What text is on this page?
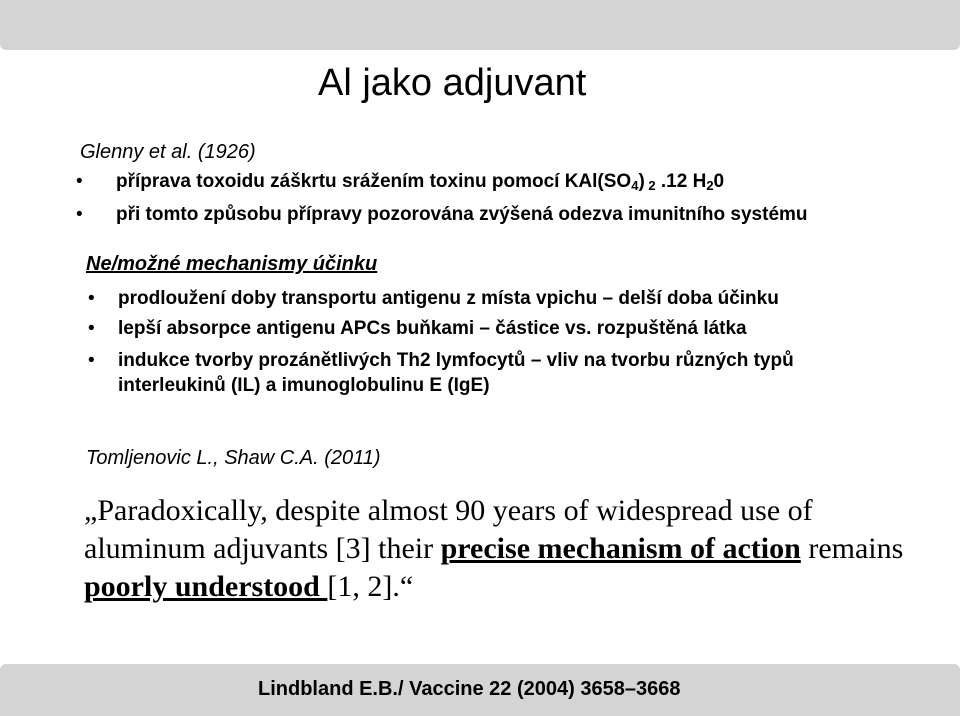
Al jako adjuvant
Glenny et al. (1926)
• příprava toxoidu záškrtu srážením toxinu pomocí $KAl(SO_4)$ $_2$ .12 $H_20$
• při tomto způsobu přípravy pozorována zvýšená odezva imunitního systému
Ne/možné mechanismy účinku
• prodloužení doby transportu antigenu z místa vpichu – delší doba účinku
• lepší absorpce antigenu APCs buňkami – částice vs. rozpuštěná látka
• indukce tvorby prozánětlivých Th2 lymfocytů – vliv na tvorbu různých typů
interleukinů (IL) a imunoglobulinu E (IgE)
Tomljenovic L., Shaw C.A. (2011)
„Paradoxically, despite almost 90 years of widespread use of aluminum adjuvants [3] their precise mechanism of action remains poorly understood [1, 2].“
Lindbland E.B./ Vaccine 22 (2004) 3658–3668
